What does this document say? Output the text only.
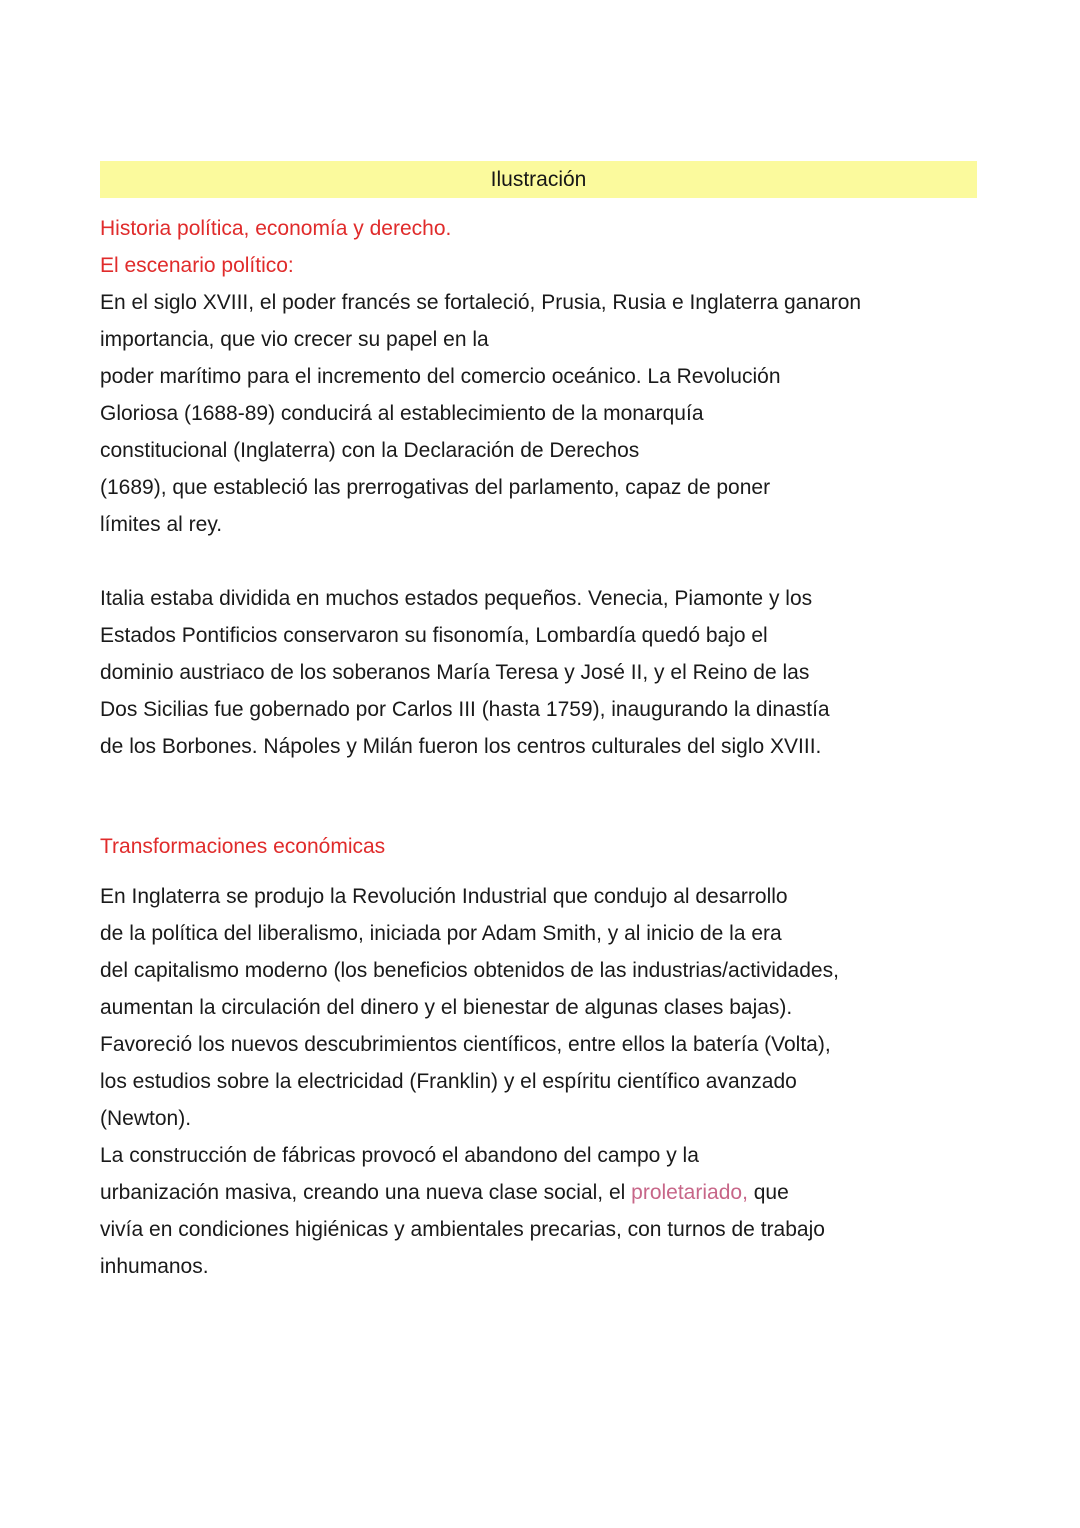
Ilustración
Historia política, economía y derecho.
El escenario político:
En el siglo XVIII, el poder francés se fortaleció, Prusia, Rusia e Inglaterra ganaron
importancia, que vio crecer su papel en la
poder marítimo para el incremento del comercio oceánico. La Revolución
Gloriosa (1688-89) conducirá al establecimiento de la monarquía
constitucional (Inglaterra) con la Declaración de Derechos
(1689), que estableció las prerrogativas del parlamento, capaz de poner
límites al rey.
Italia estaba dividida en muchos estados pequeños. Venecia, Piamonte y los
Estados Pontificios conservaron su fisonomía, Lombardía quedó bajo el
dominio austriaco de los soberanos María Teresa y José II, y el Reino de las
Dos Sicilias fue gobernado por Carlos III (hasta 1759), inaugurando la dinastía
de los Borbones. Nápoles y Milán fueron los centros culturales del siglo XVIII.
Transformaciones económicas
En Inglaterra se produjo la Revolución Industrial que condujo al desarrollo
de la política del liberalismo, iniciada por Adam Smith, y al inicio de la era
del capitalismo moderno (los beneficios obtenidos de las industrias/actividades,
aumentan la circulación del dinero y el bienestar de algunas clases bajas).
Favoreció los nuevos descubrimientos científicos, entre ellos la batería (Volta),
los estudios sobre la electricidad (Franklin) y el espíritu científico avanzado
(Newton).
La construcción de fábricas provocó el abandono del campo y la
urbanización masiva, creando una nueva clase social, el proletariado, que
vivía en condiciones higiénicas y ambientales precarias, con turnos de trabajo
inhumanos.
